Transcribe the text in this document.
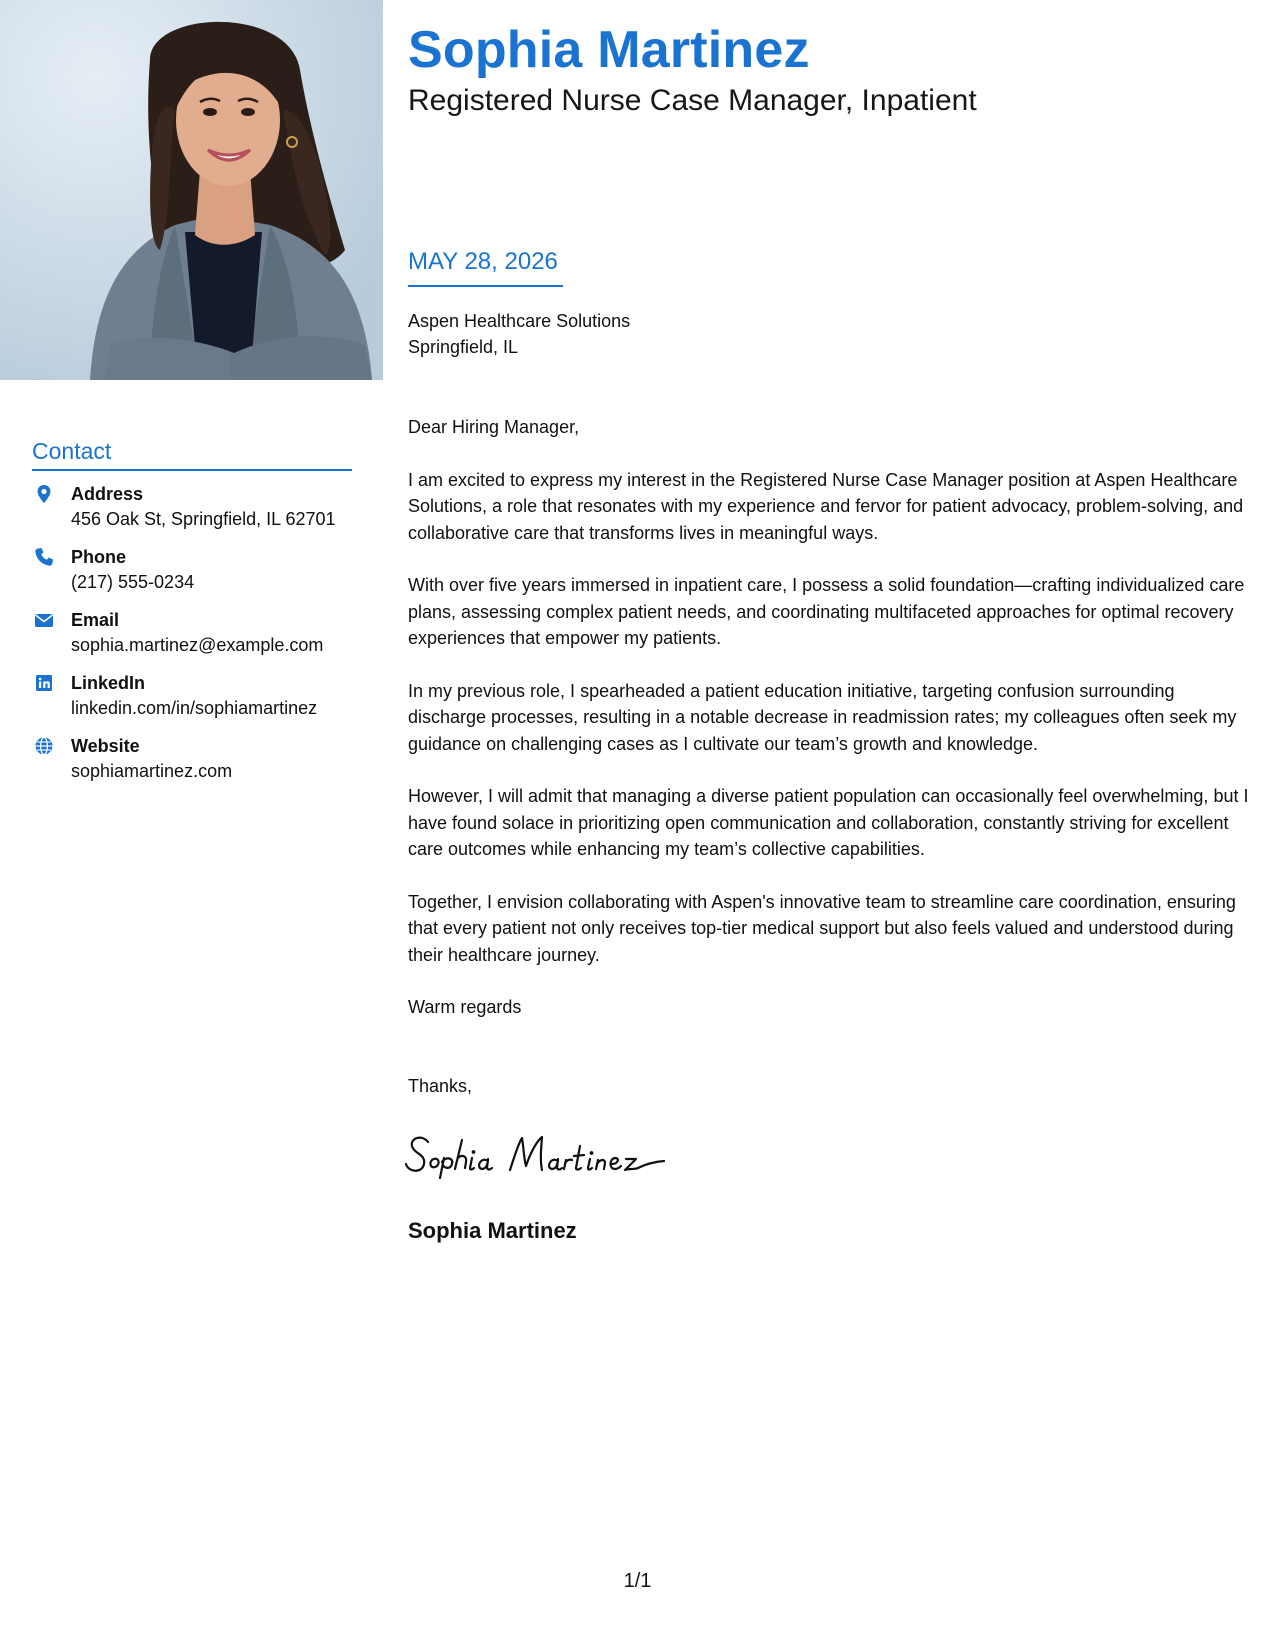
Sophia Martinez
Registered Nurse Case Manager, Inpatient
MAY 28, 2026
Aspen Healthcare Solutions
Springfield, IL
Contact
Address
456 Oak St, Springfield, IL 62701
Phone
(217) 555-0234
Email
sophia.martinez@example.com
LinkedIn
linkedin.com/in/sophiamartinez
Website
sophiamartinez.com

Dear Hiring Manager,

I am excited to express my interest in the Registered Nurse Case Manager position at Aspen Healthcare Solutions, a role that resonates with my experience and fervor for patient advocacy, problem-solving, and collaborative care that transforms lives in meaningful ways.

With over five years immersed in inpatient care, I possess a solid foundation—crafting individualized care plans, assessing complex patient needs, and coordinating multifaceted approaches for optimal recovery experiences that empower my patients.

In my previous role, I spearheaded a patient education initiative, targeting confusion surrounding discharge processes, resulting in a notable decrease in readmission rates; my colleagues often seek my guidance on challenging cases as I cultivate our team’s growth and knowledge.

However, I will admit that managing a diverse patient population can occasionally feel overwhelming, but I have found solace in prioritizing open communication and collaboration, constantly striving for excellent care outcomes while enhancing my team’s collective capabilities.

Together, I envision collaborating with Aspen's innovative team to streamline care coordination, ensuring that every patient not only receives top-tier medical support but also feels valued and understood during their healthcare journey.

Warm regards

Thanks,
Sophia Martinez
1/1
